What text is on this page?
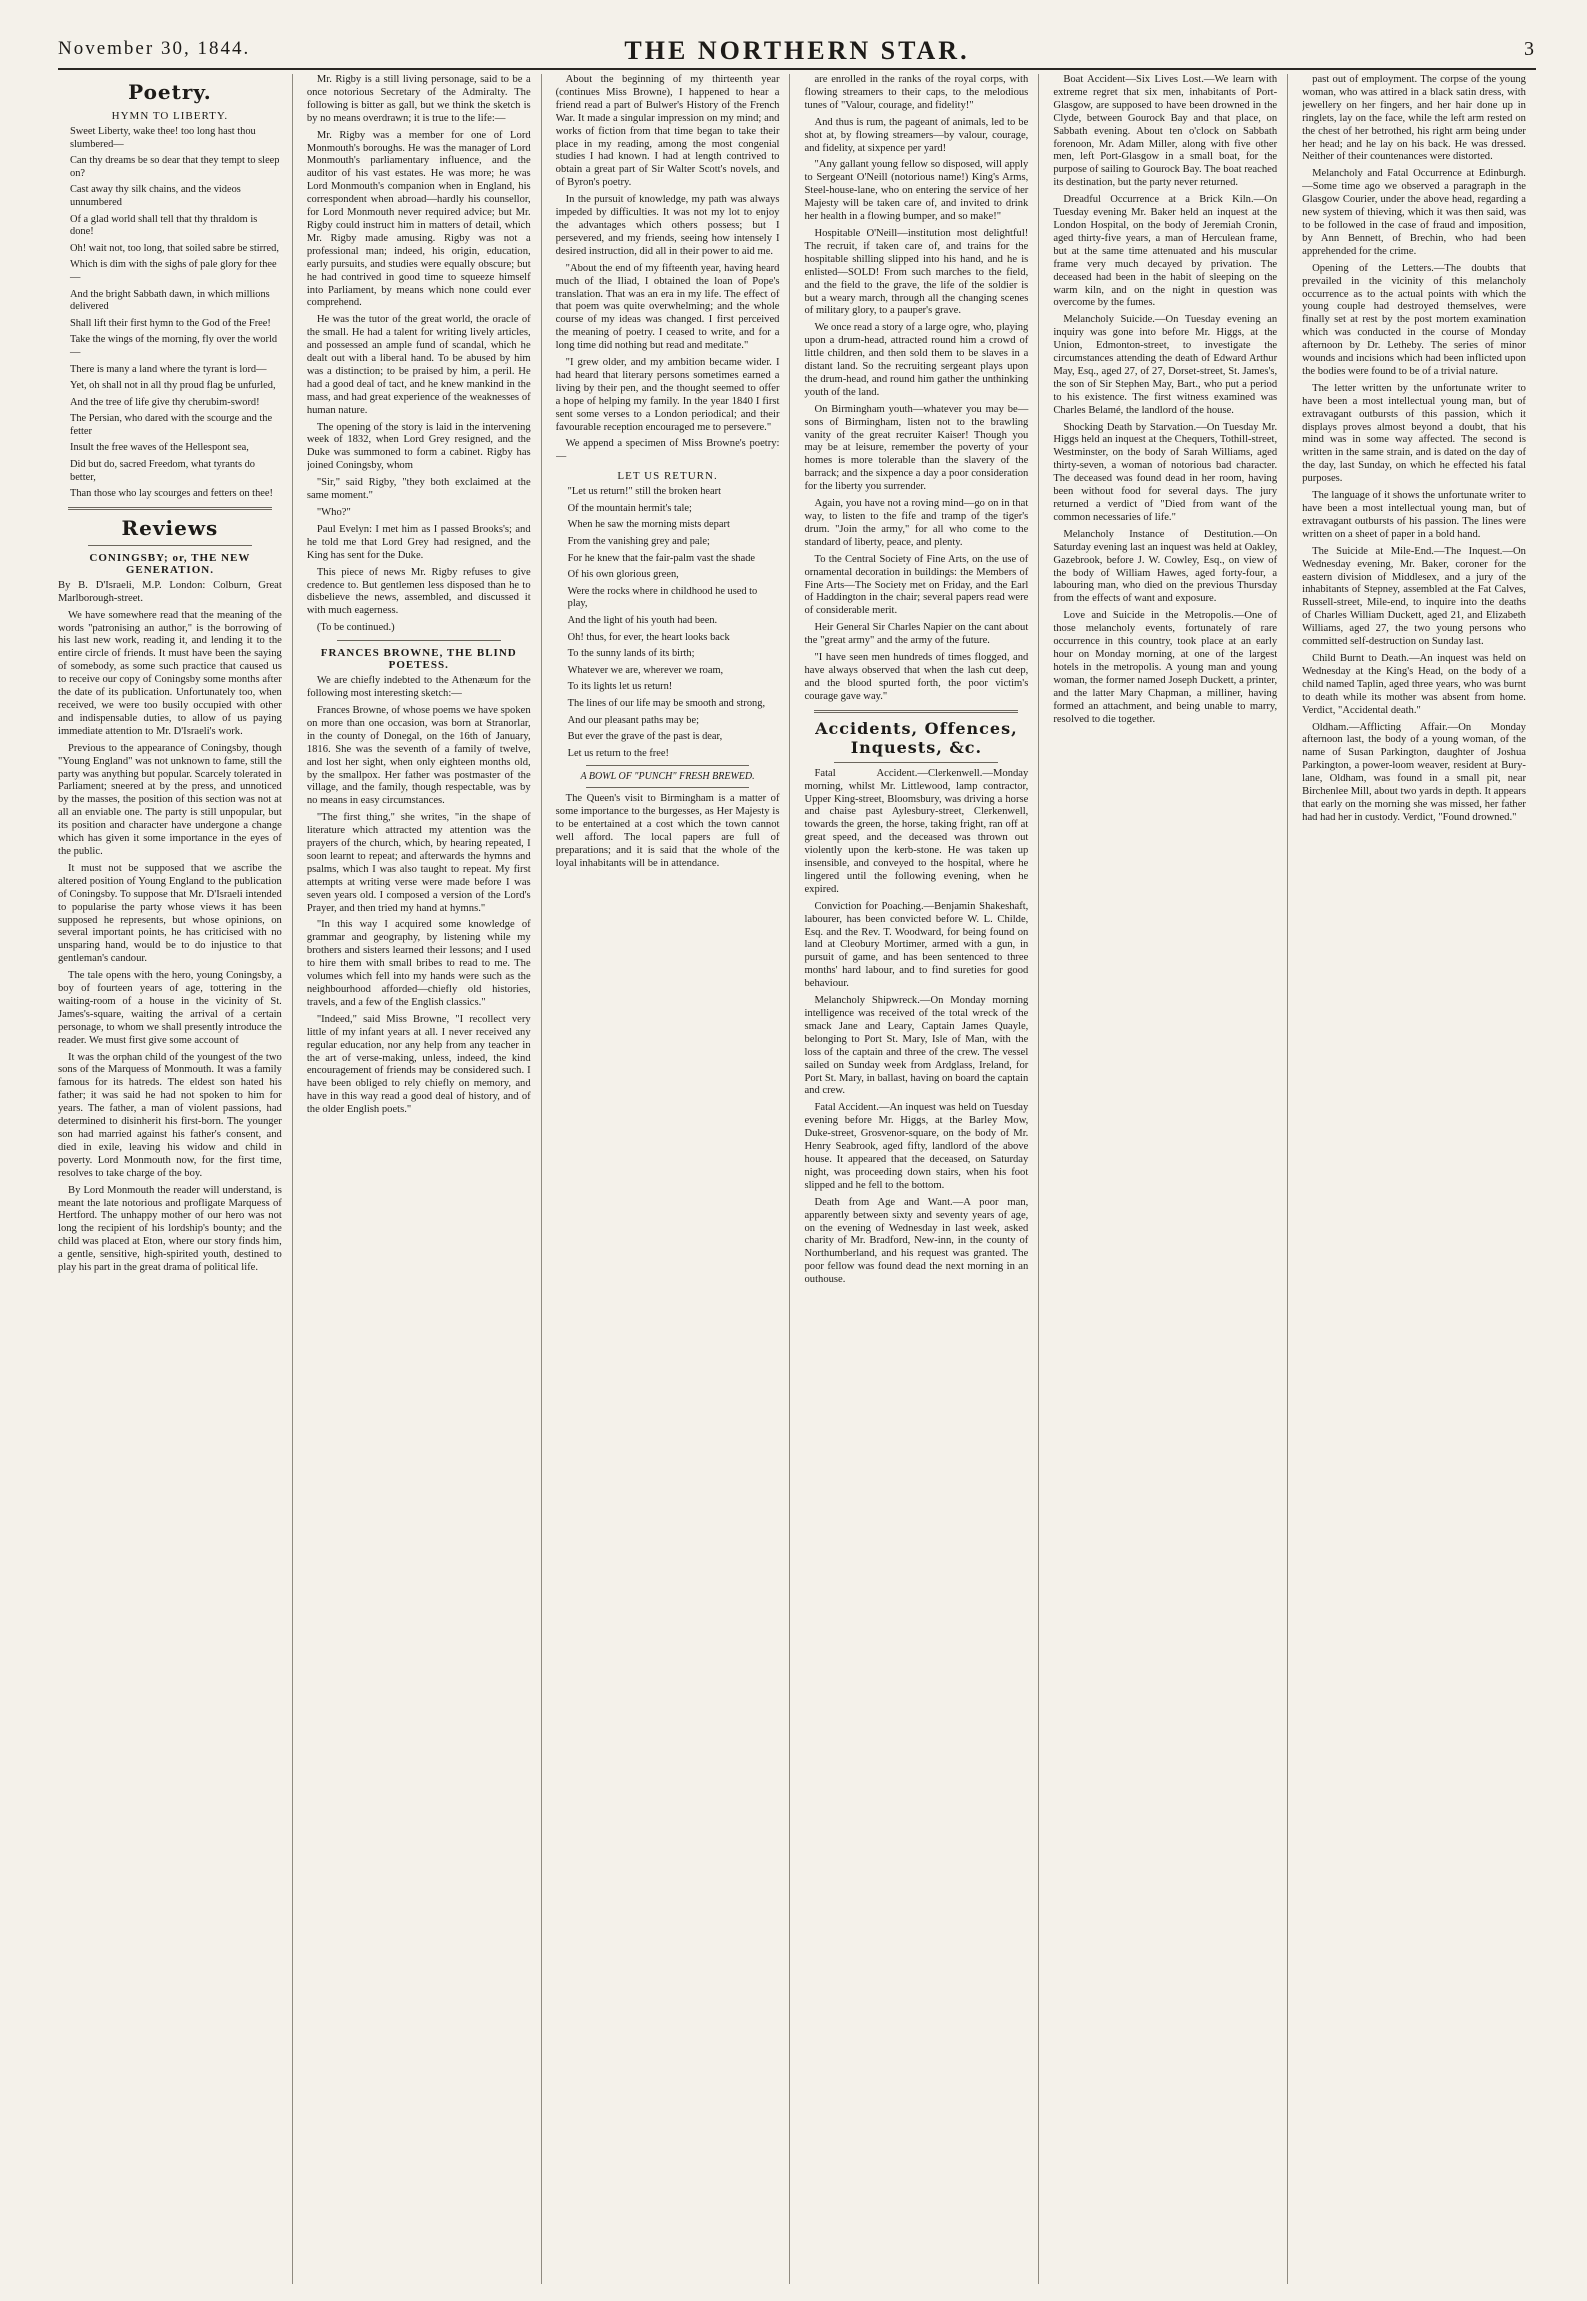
November 30, 1844.	THE NORTHERN STAR.	3
Poetry.
HYMN TO LIBERTY.

Sweet Liberty, wake thee! too long hast thou slumbered—

Can thy dreams be so dear that they tempt to sleep on?

Cast away thy silk chains, and the videos unnumbered

Of a glad world shall tell that thy thraldom is done!

Oh! wait not, too long, that soiled sabre be stirred,

Which is dim with the sighs of pale glory for thee—

And the bright Sabbath dawn, in which millions delivered

Shall lift their first hymn to the God of the Free!

Take the wings of the morning, fly over the world—

There is many a land where the tyrant is lord—

Yet, oh shall not in all thy proud flag be unfurled,

And the tree of life give thy cherubim-sword!

The Persian, who dared with the scourge and the fetter

Insult the free waves of the Hellespont sea,

Did but do, sacred Freedom, what tyrants do better,

Than those who lay scourges and fetters on thee!

Reviews
CONINGSBY; or, THE NEW GENERATION.

By B. D'Israeli, M.P. London: Colburn, Great Marlborough-street.

We have somewhere read that the meaning of the words "patronising an author," is the borrowing of his last new work, reading it, and lending it to the entire circle of friends. It must have been the saying of somebody, as some such practice that caused us to receive our copy of Coningsby some months after the date of its publication. Unfortunately too, when received, we were too busily occupied with other and indispensable duties, to allow of us paying immediate attention to Mr. D'Israeli's work.

Previous to the appearance of Coningsby, though "Young England" was not unknown to fame, still the party was anything but popular. Scarcely tolerated in Parliament; sneered at by the press, and unnoticed by the masses, the position of this section was not at all an enviable one. The party is still unpopular, but its position and character have undergone a change which has given it some importance in the eyes of the public.

It must not be supposed that we ascribe the altered position of Young England to the publication of Coningsby. To suppose that Mr. D'Israeli intended to popularise the party whose views it has been supposed he represents, but whose opinions, on several important points, he has criticised with no unsparing hand, would be to do injustice to that gentleman's candour.

The tale opens with the hero, young Coningsby, a boy of fourteen years of age, tottering in the waiting-room of a house in the vicinity of St. James's-square, waiting the arrival of a certain personage, to whom we shall presently introduce the reader. We must first give some account of

It was the orphan child of the youngest of the two sons of the Marquess of Monmouth. It was a family famous for its hatreds. The eldest son hated his father; it was said he had not spoken to him for years. The father, a man of violent passions, had determined to disinherit his first-born. The younger son had married against his father's consent, and died in exile, leaving his widow and child in poverty. Lord Monmouth now, for the first time, resolves to take charge of the boy.

By Lord Monmouth the reader will understand, is meant the late notorious and profligate Marquess of Hertford. The unhappy mother of our hero was not long the recipient of his lordship's bounty; and the child was placed at Eton, where our story finds him, a gentle, sensitive, high-spirited youth, destined to play his part in the great drama of political life.

Mr. Rigby is a still living personage, said to be a once notorious Secretary of the Admiralty. The following is bitter as gall, but we think the sketch is by no means overdrawn; it is true to the life:—

Mr. Rigby was a member for one of Lord Monmouth's boroughs. He was the manager of Lord Monmouth's parliamentary influence, and the auditor of his vast estates. He was more; he was Lord Monmouth's companion when in England, his correspondent when abroad—hardly his counsellor, for Lord Monmouth never required advice; but Mr. Rigby could instruct him in matters of detail, which Mr. Rigby made amusing. Rigby was not a professional man; indeed, his origin, education, early pursuits, and studies were equally obscure; but he had contrived in good time to squeeze himself into Parliament, by means which none could ever comprehend.

He was the tutor of the great world, the oracle of the small. He had a talent for writing lively articles, and possessed an ample fund of scandal, which he dealt out with a liberal hand. To be abused by him was a distinction; to be praised by him, a peril. He had a good deal of tact, and he knew mankind in the mass, and had great experience of the weaknesses of human nature.

The opening of the story is laid in the intervening week of 1832, when Lord Grey resigned, and the Duke was summoned to form a cabinet. Rigby has joined Coningsby, whom

"Sir," said Rigby, "they both exclaimed at the same moment."

"Who?"

Paul Evelyn: I met him as I passed Brooks's; and he told me that Lord Grey had resigned, and the King has sent for the Duke.

This piece of news Mr. Rigby refuses to give credence to. But gentlemen less disposed than he to disbelieve the news, assembled, and discussed it with much eagerness.

(To be continued.)

FRANCES BROWNE, THE BLIND POETESS.

We are chiefly indebted to the Athenæum for the following most interesting sketch:—

Frances Browne, of whose poems we have spoken on more than one occasion, was born at Stranorlar, in the county of Donegal, on the 16th of January, 1816. She was the seventh of a family of twelve, and lost her sight, when only eighteen months old, by the smallpox. Her father was postmaster of the village, and the family, though respectable, was by no means in easy circumstances.

"The first thing," she writes, "in the shape of literature which attracted my attention was the prayers of the church, which, by hearing repeated, I soon learnt to repeat; and afterwards the hymns and psalms, which I was also taught to repeat. My first attempts at writing verse were made before I was seven years old. I composed a version of the Lord's Prayer, and then tried my hand at hymns."

"In this way I acquired some knowledge of grammar and geography, by listening while my brothers and sisters learned their lessons; and I used to hire them with small bribes to read to me. The volumes which fell into my hands were such as the neighbourhood afforded—chiefly old histories, travels, and a few of the English classics."

"Indeed," said Miss Browne, "I recollect very little of my infant years at all. I never received any regular education, nor any help from any teacher in the art of verse-making, unless, indeed, the kind encouragement of friends may be considered such. I have been obliged to rely chiefly on memory, and have in this way read a good deal of history, and of the older English poets."

About the beginning of my thirteenth year (continues Miss Browne), I happened to hear a friend read a part of Bulwer's History of the French War. It made a singular impression on my mind; and works of fiction from that time began to take their place in my reading, among the most congenial studies I had known. I had at length contrived to obtain a great part of Sir Walter Scott's novels, and of Byron's poetry.

In the pursuit of knowledge, my path was always impeded by difficulties. It was not my lot to enjoy the advantages which others possess; but I persevered, and my friends, seeing how intensely I desired instruction, did all in their power to aid me.

"About the end of my fifteenth year, having heard much of the Iliad, I obtained the loan of Pope's translation. That was an era in my life. The effect of that poem was quite overwhelming; and the whole course of my ideas was changed. I first perceived the meaning of poetry. I ceased to write, and for a long time did nothing but read and meditate."

"I grew older, and my ambition became wider. I had heard that literary persons sometimes earned a living by their pen, and the thought seemed to offer a hope of helping my family. In the year 1840 I first sent some verses to a London periodical; and their favourable reception encouraged me to persevere."

We append a specimen of Miss Browne's poetry:—

LET US RETURN.

"Let us return!" still the broken heart

Of the mountain hermit's tale;

When he saw the morning mists depart

From the vanishing grey and pale;

For he knew that the fair-palm vast the shade

Of his own glorious green,

Were the rocks where in childhood he used to play,

And the light of his youth had been.

Oh! thus, for ever, the heart looks back

To the sunny lands of its birth;

Whatever we are, wherever we roam,

To its lights let us return!

The lines of our life may be smooth and strong,

And our pleasant paths may be;

But ever the grave of the past is dear,

Let us return to the free!

A BOWL OF "PUNCH" FRESH BREWED.

The Queen's visit to Birmingham is a matter of some importance to the burgesses, as Her Majesty is to be entertained at a cost which the town cannot well afford. The local papers are full of preparations; and it is said that the whole of the loyal inhabitants will be in attendance.

are enrolled in the ranks of the royal corps, with flowing streamers to their caps, to the melodious tunes of "Valour, courage, and fidelity!"

And thus is rum, the pageant of animals, led to be shot at, by flowing streamers—by valour, courage, and fidelity, at sixpence per yard!

"Any gallant young fellow so disposed, will apply to Sergeant O'Neill (notorious name!) King's Arms, Steel-house-lane, who on entering the service of her Majesty will be taken care of, and invited to drink her health in a flowing bumper, and so make!"

Hospitable O'Neill—institution most delightful! The recruit, if taken care of, and trains for the hospitable shilling slipped into his hand, and he is enlisted—SOLD! From such marches to the field, and the field to the grave, the life of the soldier is but a weary march, through all the changing scenes of military glory, to a pauper's grave.

We once read a story of a large ogre, who, playing upon a drum-head, attracted round him a crowd of little children, and then sold them to be slaves in a distant land. So the recruiting sergeant plays upon the drum-head, and round him gather the unthinking youth of the land.

On Birmingham youth—whatever you may be—sons of Birmingham, listen not to the brawling vanity of the great recruiter Kaiser! Though you may be at leisure, remember the poverty of your homes is more tolerable than the slavery of the barrack; and the sixpence a day a poor consideration for the liberty you surrender.

Again, you have not a roving mind—go on in that way, to listen to the fife and tramp of the tiger's drum. "Join the army," for all who come to the standard of liberty, peace, and plenty.

To the Central Society of Fine Arts, on the use of ornamental decoration in buildings: the Members of Fine Arts—The Society met on Friday, and the Earl of Haddington in the chair; several papers read were of considerable merit.

Heir General Sir Charles Napier on the cant about the "great army" and the army of the future.

"I have seen men hundreds of times flogged, and have always observed that when the lash cut deep, and the blood spurted forth, the poor victim's courage gave way."

Accidents, Offences, Inquests, &c.

Fatal Accident.—Clerkenwell.—Monday morning, whilst Mr. Littlewood, lamp contractor, Upper King-street, Bloomsbury, was driving a horse and chaise past Aylesbury-street, Clerkenwell, towards the green, the horse, taking fright, ran off at great speed, and the deceased was thrown out violently upon the kerb-stone. He was taken up insensible, and conveyed to the hospital, where he lingered until the following evening, when he expired.

Conviction for Poaching.—Benjamin Shakeshaft, labourer, has been convicted before W. L. Childe, Esq. and the Rev. T. Woodward, for being found on land at Cleobury Mortimer, armed with a gun, in pursuit of game, and has been sentenced to three months' hard labour, and to find sureties for good behaviour.

Melancholy Shipwreck.—On Monday morning intelligence was received of the total wreck of the smack Jane and Leary, Captain James Quayle, belonging to Port St. Mary, Isle of Man, with the loss of the captain and three of the crew. The vessel sailed on Sunday week from Ardglass, Ireland, for Port St. Mary, in ballast, having on board the captain and crew.

Fatal Accident.—An inquest was held on Tuesday evening before Mr. Higgs, at the Barley Mow, Duke-street, Grosvenor-square, on the body of Mr. Henry Seabrook, aged fifty, landlord of the above house. It appeared that the deceased, on Saturday night, was proceeding down stairs, when his foot slipped and he fell to the bottom.

Death from Age and Want.—A poor man, apparently between sixty and seventy years of age, on the evening of Wednesday in last week, asked charity of Mr. Bradford, New-inn, in the county of Northumberland, and his request was granted. The poor fellow was found dead the next morning in an outhouse.

Boat Accident—Six Lives Lost.—We learn with extreme regret that six men, inhabitants of Port-Glasgow, are supposed to have been drowned in the Clyde, between Gourock Bay and that place, on Sabbath evening. About ten o'clock on Sabbath forenoon, Mr. Adam Miller, along with five other men, left Port-Glasgow in a small boat, for the purpose of sailing to Gourock Bay. The boat reached its destination, but the party never returned.

Dreadful Occurrence at a Brick Kiln.—On Tuesday evening Mr. Baker held an inquest at the London Hospital, on the body of Jeremiah Cronin, aged thirty-five years, a man of Herculean frame, but at the same time attenuated and his muscular frame very much decayed by privation. The deceased had been in the habit of sleeping on the warm kiln, and on the night in question was overcome by the fumes.

Melancholy Suicide.—On Tuesday evening an inquiry was gone into before Mr. Higgs, at the Union, Edmonton-street, to investigate the circumstances attending the death of Edward Arthur May, Esq., aged 27, of 27, Dorset-street, St. James's, the son of Sir Stephen May, Bart., who put a period to his existence. The first witness examined was Charles Belamé, the landlord of the house.

Shocking Death by Starvation.—On Tuesday Mr. Higgs held an inquest at the Chequers, Tothill-street, Westminster, on the body of Sarah Williams, aged thirty-seven, a woman of notorious bad character. The deceased was found dead in her room, having been without food for several days. The jury returned a verdict of "Died from want of the common necessaries of life."

Melancholy Instance of Destitution.—On Saturday evening last an inquest was held at Oakley, Gazebrook, before J. W. Cowley, Esq., on view of the body of William Hawes, aged forty-four, a labouring man, who died on the previous Thursday from the effects of want and exposure.

Love and Suicide in the Metropolis.—One of those melancholy events, fortunately of rare occurrence in this country, took place at an early hour on Monday morning, at one of the largest hotels in the metropolis. A young man and young woman, the former named Joseph Duckett, a printer, and the latter Mary Chapman, a milliner, having formed an attachment, and being unable to marry, resolved to die together.

past out of employment. The corpse of the young woman, who was attired in a black satin dress, with jewellery on her fingers, and her hair done up in ringlets, lay on the face, while the left arm rested on the chest of her betrothed, his right arm being under her head; and he lay on his back. He was dressed. Neither of their countenances were distorted.

Melancholy and Fatal Occurrence at Edinburgh.—Some time ago we observed a paragraph in the Glasgow Courier, under the above head, regarding a new system of thieving, which it was then said, was to be followed in the case of fraud and imposition, by Ann Bennett, of Brechin, who had been apprehended for the crime.

Opening of the Letters.—The doubts that prevailed in the vicinity of this melancholy occurrence as to the actual points with which the young couple had destroyed themselves, were finally set at rest by the post mortem examination which was conducted in the course of Monday afternoon by Dr. Letheby. The series of minor wounds and incisions which had been inflicted upon the bodies were found to be of a trivial nature.

The letter written by the unfortunate writer to have been a most intellectual young man, but of extravagant outbursts of this passion, which it displays proves almost beyond a doubt, that his mind was in some way affected. The second is written in the same strain, and is dated on the day of the day, last Sunday, on which he effected his fatal purposes.

The language of it shows the unfortunate writer to have been a most intellectual young man, but of extravagant outbursts of his passion. The lines were written on a sheet of paper in a bold hand.

The Suicide at Mile-End.—The Inquest.—On Wednesday evening, Mr. Baker, coroner for the eastern division of Middlesex, and a jury of the inhabitants of Stepney, assembled at the Fat Calves, Russell-street, Mile-end, to inquire into the deaths of Charles William Duckett, aged 21, and Elizabeth Williams, aged 27, the two young persons who committed self-destruction on Sunday last.

Child Burnt to Death.—An inquest was held on Wednesday at the King's Head, on the body of a child named Taplin, aged three years, who was burnt to death while its mother was absent from home. Verdict, "Accidental death."

Oldham.—Afflicting Affair.—On Monday afternoon last, the body of a young woman, of the name of Susan Parkington, daughter of Joshua Parkington, a power-loom weaver, resident at Bury-lane, Oldham, was found in a small pit, near Birchenlee Mill, about two yards in depth. It appears that early on the morning she was missed, her father had had her in custody. Verdict, "Found drowned."
